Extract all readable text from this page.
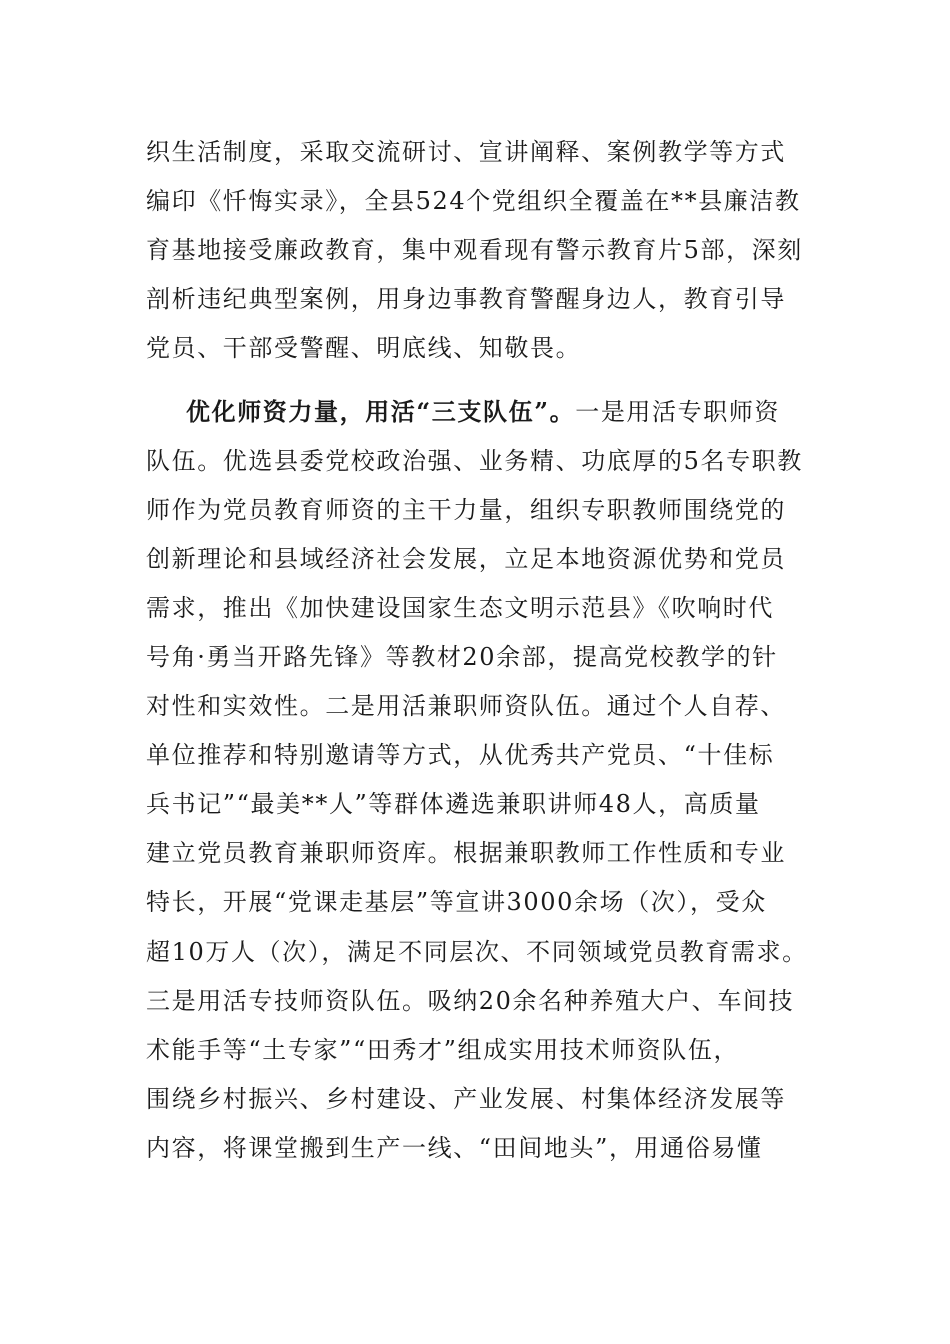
织生活制度，采取交流研讨、宣讲阐释、案例教学等方式
编印《忏悔实录》，全县524个党组织全覆盖在**县廉洁教
育基地接受廉政教育，集中观看现有警示教育片5部，深刻
剖析违纪典型案例，用身边事教育警醒身边人，教育引导
党员、干部受警醒、明底线、知敬畏。
优化师资力量，用活“三支队伍”。一是用活专职师资
队伍。优选县委党校政治强、业务精、功底厚的5名专职教
师作为党员教育师资的主干力量，组织专职教师围绕党的
创新理论和县域经济社会发展，立足本地资源优势和党员
需求，推出《加快建设国家生态文明示范县》《吹响时代
号角·勇当开路先锋》等教材20余部，提高党校教学的针
对性和实效性。二是用活兼职师资队伍。通过个人自荐、
单位推荐和特别邀请等方式，从优秀共产党员、“十佳标
兵书记”“最美**人”等群体遴选兼职讲师48人，高质量
建立党员教育兼职师资库。根据兼职教师工作性质和专业
特长，开展“党课走基层”等宣讲3000余场（次），受众
超10万人（次），满足不同层次、不同领域党员教育需求。
三是用活专技师资队伍。吸纳20余名种养殖大户、车间技
术能手等“土专家”“田秀才”组成实用技术师资队伍，
围绕乡村振兴、乡村建设、产业发展、村集体经济发展等
内容，将课堂搬到生产一线、“田间地头”，用通俗易懂
